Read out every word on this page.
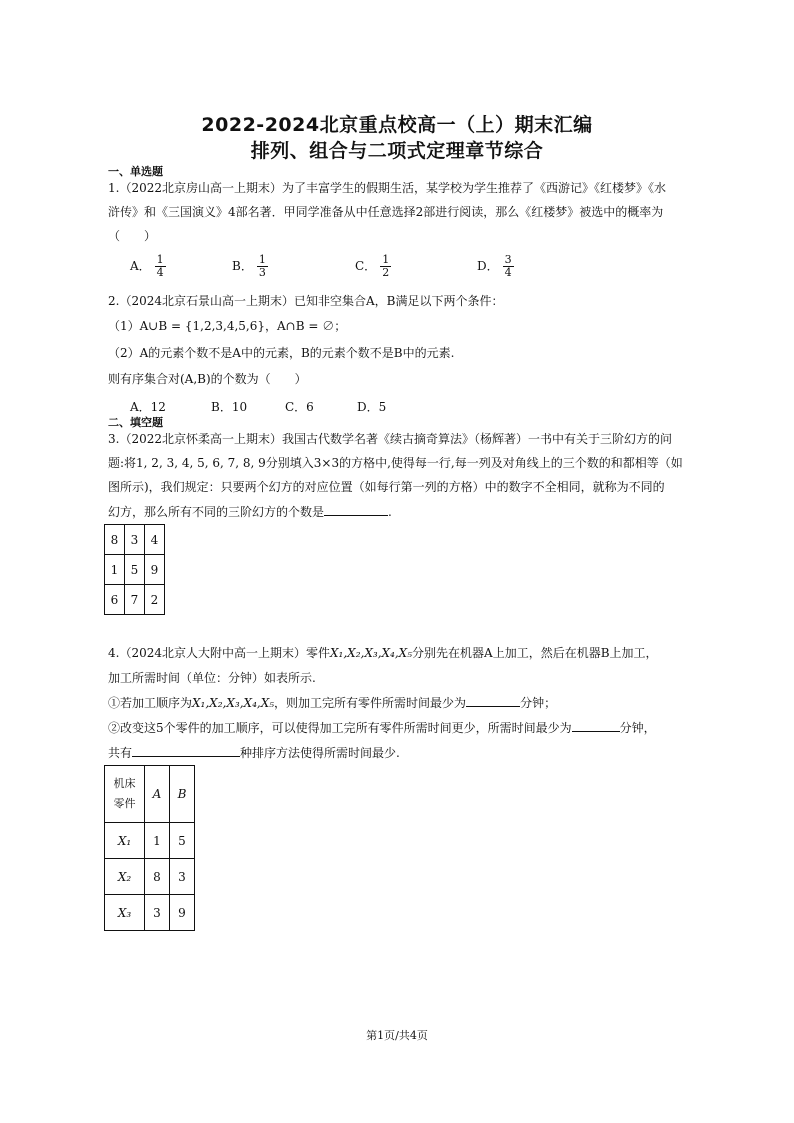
2022-2024北京重点校高一（上）期末汇编
排列、组合与二项式定理章节综合
一、单选题
1.（2022北京房山高一上期末）为了丰富学生的假期生活，某学校为学生推荐了《西游记》《红楼梦》《水
浒传》和《三国演义》4部名著．甲同学准备从中任意选择2部进行阅读，那么《红楼梦》被选中的概率为
（　　）
A． $\frac{1}{4}$	B． $\frac{1}{3}$	C． $\frac{1}{2}$	D． $\frac{3}{4}$
2.（2024北京石景山高一上期末）已知非空集合A，B满足以下两个条件：
（1）A∪B = {1,2,3,4,5,6}，A∩B = ∅；
（2）A的元素个数不是A中的元素，B的元素个数不是B中的元素.
则有序集合对(A,B)的个数为（　　）
A．12	B．10	C．6	D．5
二、填空题
3.（2022北京怀柔高一上期末）我国古代数学名著《续古摘奇算法》（杨辉著）一书中有关于三阶幻方的问
题:将1, 2, 3, 4, 5, 6, 7, 8, 9分别填入3×3的方格中,使得每一行,每一列及对角线上的三个数的和都相等（如
图所示)，我们规定：只要两个幻方的对应位置（如每行第一列的方格）中的数字不全相同，就称为不同的
幻方，那么所有不同的三阶幻方的个数是	.
8	3	4
1	5	9
6	7	2
4.（2024北京人大附中高一上期末）零件X₁,X₂,X₃,X₄,X₅分别先在机器A上加工，然后在机器B上加工，
加工所需时间（单位：分钟）如表所示.
①若加工顺序为X₁,X₂,X₃,X₄,X₅，则加工完所有零件所需时间最少为	分钟；
②改变这5个零件的加工顺序，可以使得加工完所有零件所需时间更少，所需时间最少为	分钟，
共有	种排序方法使得所需时间最少.
机床
零件	A	B
X₁	1	5
X₂	8	3
X₃	3	9
第1页/共4页
